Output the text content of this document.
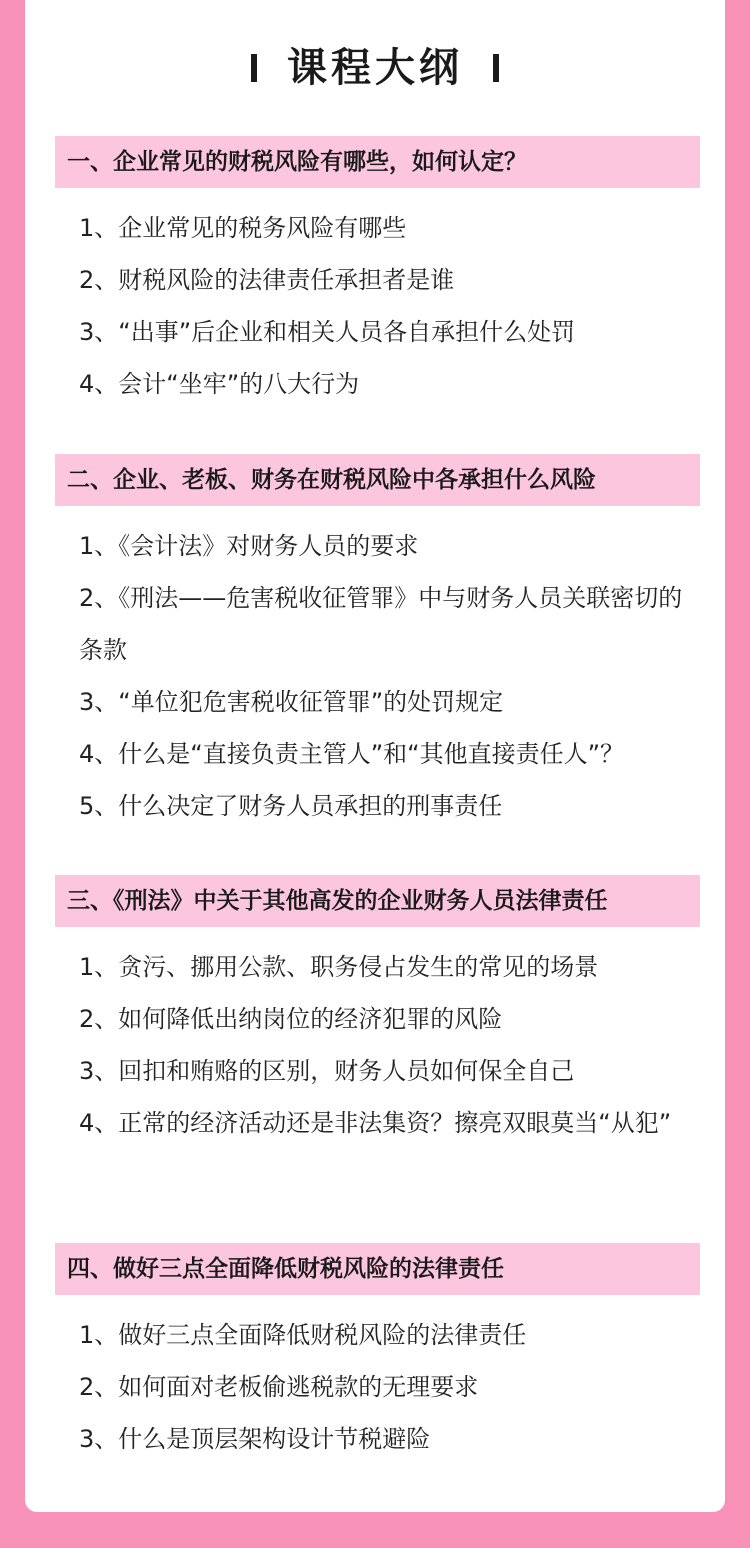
课程大纲
一、企业常见的财税风险有哪些，如何认定？
1、企业常见的税务风险有哪些
2、财税风险的法律责任承担者是谁
3、“出事”后企业和相关人员各自承担什么处罚
4、会计“坐牢”的八大行为
二、企业、老板、财务在财税风险中各承担什么风险
1、《会计法》对财务人员的要求
2、《刑法——危害税收征管罪》中与财务人员关联密切的条款
3、“单位犯危害税收征管罪”的处罚规定
4、什么是“直接负责主管人”和“其他直接责任人”？
5、什么决定了财务人员承担的刑事责任
三、《刑法》中关于其他高发的企业财务人员法律责任
1、贪污、挪用公款、职务侵占发生的常见的场景
2、如何降低出纳岗位的经济犯罪的风险
3、回扣和贿赂的区别，财务人员如何保全自己
4、正常的经济活动还是非法集资？擦亮双眼莫当“从犯”
四、做好三点全面降低财税风险的法律责任
1、做好三点全面降低财税风险的法律责任
2、如何面对老板偷逃税款的无理要求
3、什么是顶层架构设计节税避险
